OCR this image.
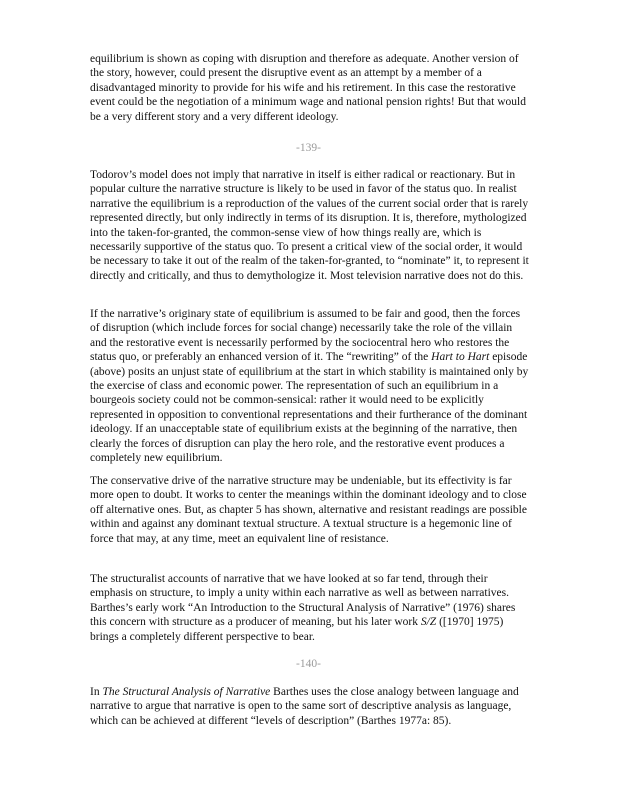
equilibrium is shown as coping with disruption and therefore as adequate. Another version of the story, however, could present the disruptive event as an attempt by a member of a disadvantaged minority to provide for his wife and his retirement. In this case the restorative event could be the negotiation of a minimum wage and national pension rights! But that would be a very different story and a very different ideology.

-139-

Todorov’s model does not imply that narrative in itself is either radical or reactionary. But in popular culture the narrative structure is likely to be used in favor of the status quo. In realist narrative the equilibrium is a reproduction of the values of the current social order that is rarely represented directly, but only indirectly in terms of its disruption. It is, therefore, mythologized into the taken-for-granted, the common-sense view of how things really are, which is necessarily supportive of the status quo. To present a critical view of the social order, it would be necessary to take it out of the realm of the taken-for-granted, to “nominate” it, to represent it directly and critically, and thus to demythologize it. Most television narrative does not do this.

If the narrative’s originary state of equilibrium is assumed to be fair and good, then the forces of disruption (which include forces for social change) necessarily take the role of the villain and the restorative event is necessarily performed by the sociocentral hero who restores the status quo, or preferably an enhanced version of it. The “rewriting” of the Hart to Hart episode (above) posits an unjust state of equilibrium at the start in which stability is maintained only by the exercise of class and economic power. The representation of such an equilibrium in a bourgeois society could not be common-sensical: rather it would need to be explicitly represented in opposition to conventional representations and their furtherance of the dominant ideology. If an unacceptable state of equilibrium exists at the beginning of the narrative, then clearly the forces of disruption can play the hero role, and the restorative event produces a completely new equilibrium.

The conservative drive of the narrative structure may be undeniable, but its effectivity is far more open to doubt. It works to center the meanings within the dominant ideology and to close off alternative ones. But, as chapter 5 has shown, alternative and resistant readings are possible within and against any dominant textual structure. A textual structure is a hegemonic line of force that may, at any time, meet an equivalent line of resistance.

The structuralist accounts of narrative that we have looked at so far tend, through their emphasis on structure, to imply a unity within each narrative as well as between narratives. Barthes’s early work “An Introduction to the Structural Analysis of Narrative” (1976) shares this concern with structure as a producer of meaning, but his later work S/Z ([1970] 1975) brings a completely different perspective to bear.

-140-

In The Structural Analysis of Narrative Barthes uses the close analogy between language and narrative to argue that narrative is open to the same sort of descriptive analysis as language, which can be achieved at different “levels of description” (Barthes 1977a: 85).
